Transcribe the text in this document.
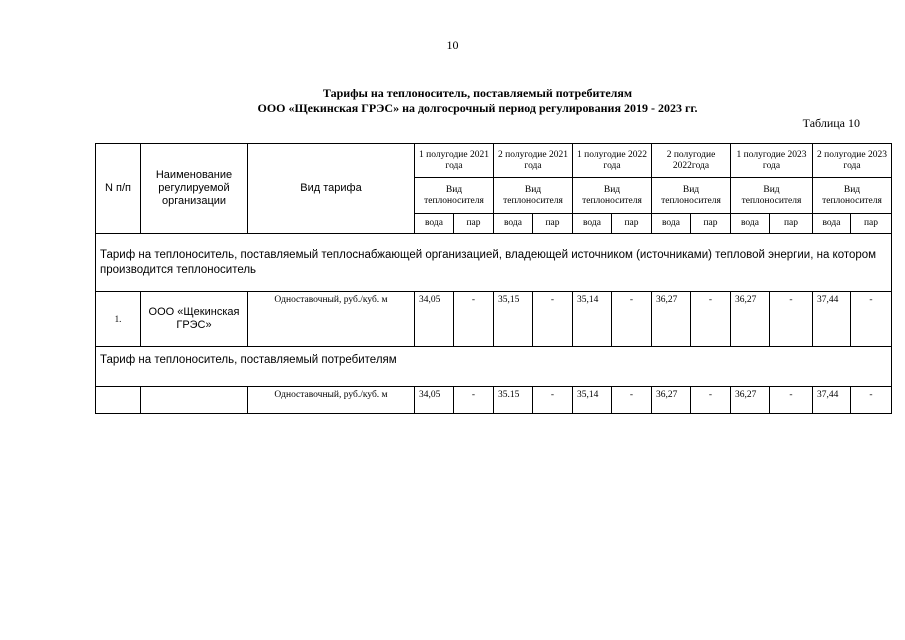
10
Тарифы на теплоноситель, поставляемый потребителям
ООО «Щекинская ГРЭС» на долгосрочный период регулирования 2019 - 2023 гг.
Таблица 10
N п/п	Наименование регулируемой организации	Вид тарифа	1 полугодие 2021 года		2 полугодие 2021 года		1 полугодие 2022 года		2 полугодие 2022года		1 полугодие 2023 года		2 полугодие 2023 года	
			Вид теплоносителя		Вид теплоносителя		Вид теплоносителя		Вид теплоносителя		Вид теплоносителя		Вид теплоносителя	
			вода	пар	вода	пар	вода	пар	вода	пар	вода	пар	вода	пар
Тариф на теплоноситель, поставляемый теплоснабжающей организацией, владеющей источником (источниками) тепловой энергии, на котором производится теплоноситель														
1.	ООО «Щекинская ГРЭС»	Одноставочный, руб./куб. м	34,05	-	35,15	-	35,14	-	36,27	-	36,27	-	37,44	-
Тариф на теплоноситель, поставляемый потребителям														
		Одноставочный, руб./куб. м	34,05	-	35.15	-	35,14	-	36,27	-	36,27	-	37,44	-
